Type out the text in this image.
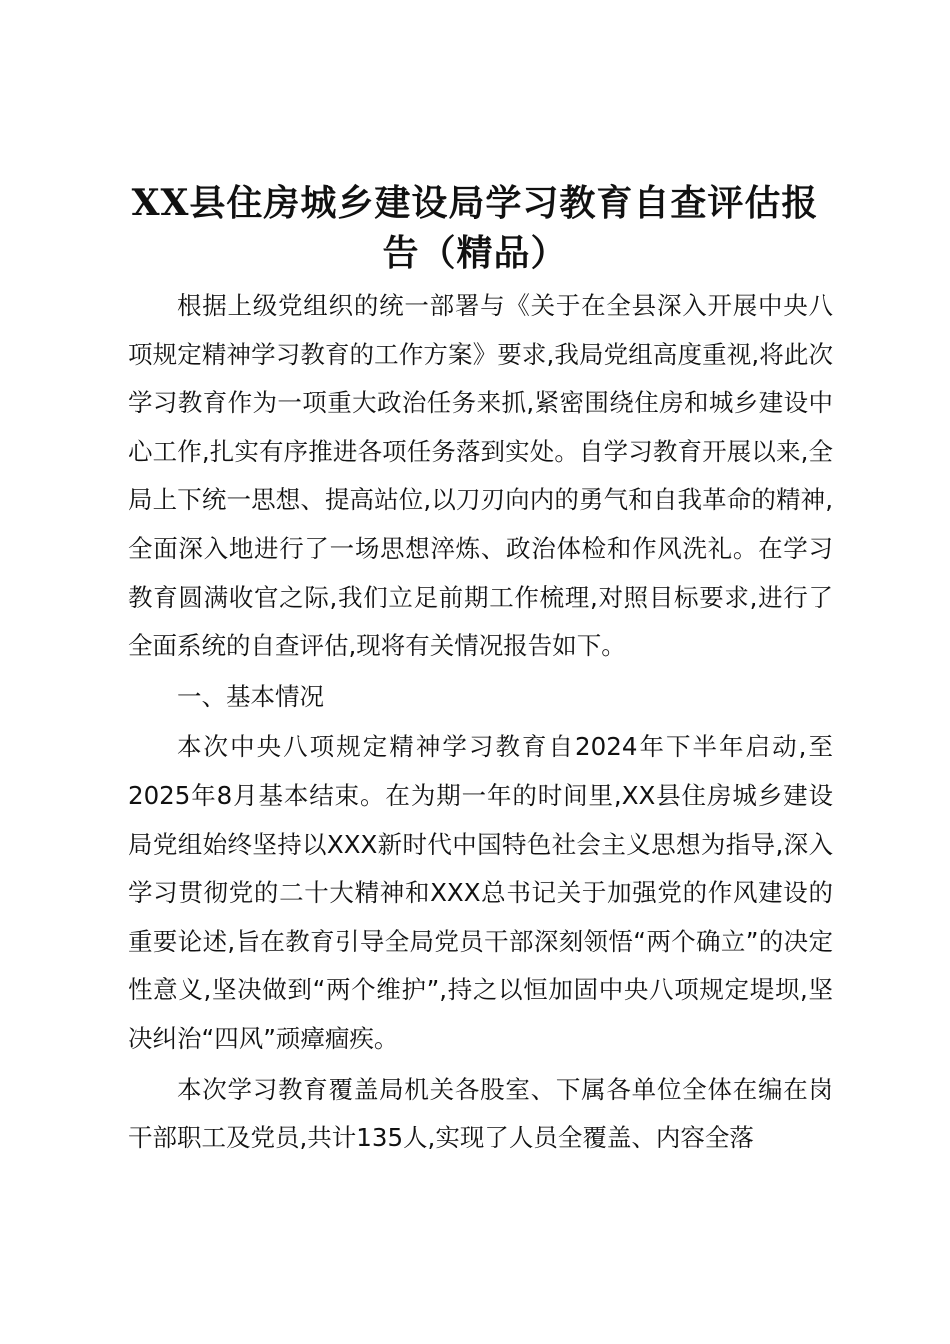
XX县住房城乡建设局学习教育自查评估报告（精品）

根据上级党组织的统一部署与《关于在全县深入开展中央八项规定精神学习教育的工作方案》要求,我局党组高度重视,将此次学习教育作为一项重大政治任务来抓,紧密围绕住房和城乡建设中心工作,扎实有序推进各项任务落到实处。自学习教育开展以来,全局上下统一思想、提高站位,以刀刃向内的勇气和自我革命的精神,全面深入地进行了一场思想淬炼、政治体检和作风洗礼。在学习教育圆满收官之际,我们立足前期工作梳理,对照目标要求,进行了全面系统的自查评估,现将有关情况报告如下。

一、基本情况

本次中央八项规定精神学习教育自2024年下半年启动,至2025年8月基本结束。在为期一年的时间里,XX县住房城乡建设局党组始终坚持以XXX新时代中国特色社会主义思想为指导,深入学习贯彻党的二十大精神和XXX总书记关于加强党的作风建设的重要论述,旨在教育引导全局党员干部深刻领悟“两个确立”的决定性意义,坚决做到“两个维护”,持之以恒加固中央八项规定堤坝,坚决纠治“四风”顽瘴痼疾。

本次学习教育覆盖局机关各股室、下属各单位全体在编在岗干部职工及党员,共计135人,实现了人员全覆盖、内容全落
